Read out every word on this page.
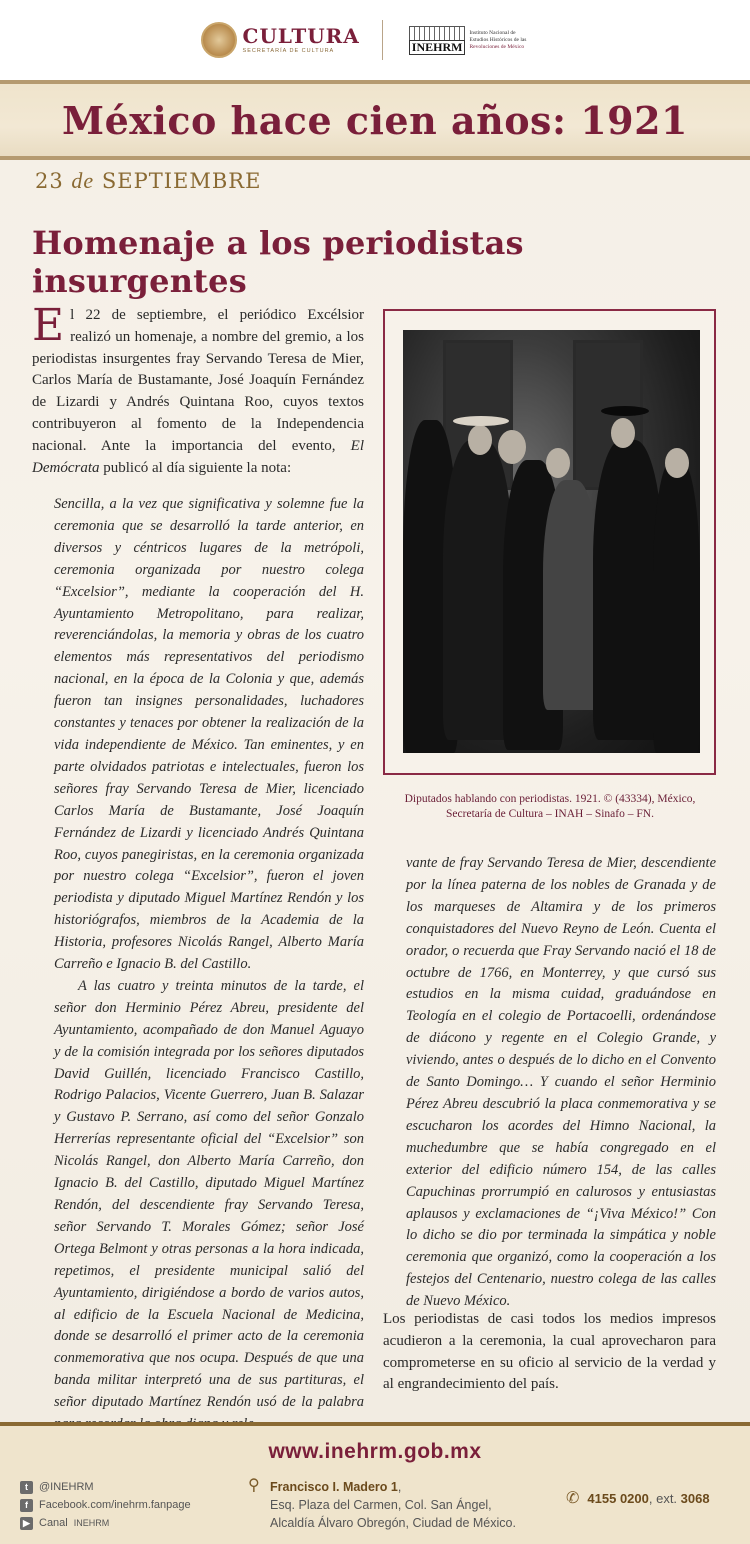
CULTURA
SECRETARÍA DE CULTURA	INEHRM
Instituto Nacional de
Estudios Históricos de las
Revoluciones de México
México hace cien años: 1921
23 de SEPTIEMBRE
Homenaje a los periodistas insurgentes
El 22 de septiembre, el periódico Excélsior realizó un homenaje, a nombre del gremio, a los periodistas insurgentes fray Servando Teresa de Mier, Carlos María de Bustamante, José Joaquín Fernández de Lizardi y Andrés Quintana Roo, cuyos textos contribuyeron al fomento de la Independencia nacional. Ante la importancia del evento, El Demócrata publicó al día siguiente la nota:

Sencilla, a la vez que significativa y solemne fue la ceremonia que se desarrolló la tarde anterior, en diversos y céntricos lugares de la metrópoli, ceremonia organizada por nuestro colega “Excelsior”, mediante la cooperación del H. Ayuntamiento Metropolitano, para realizar, reverenciándolas, la memoria y obras de los cuatro elementos más representativos del periodismo nacional, en la época de la Colonia y que, además fueron tan insignes personalidades, luchadores constantes y tenaces por obtener la realización de la vida independiente de México. Tan eminentes, y en parte olvidados patriotas e intelectuales, fueron los señores fray Servando Teresa de Mier, licenciado Carlos María de Bustamante, José Joaquín Fernández de Lizardi y licenciado Andrés Quintana Roo, cuyos panegiristas, en la ceremonia organizada por nuestro colega “Excelsior”, fueron el joven periodista y diputado Miguel Martínez Rendón y los historiógrafos, miembros de la Academia de la Historia, profesores Nicolás Rangel, Alberto María Carreño e Ignacio B. del Castillo.

A las cuatro y treinta minutos de la tarde, el señor don Herminio Pérez Abreu, presidente del Ayuntamiento, acompañado de don Manuel Aguayo y de la comisión integrada por los señores diputados David Guillén, licenciado Francisco Castillo, Rodrigo Palacios, Vicente Guerrero, Juan B. Salazar y Gustavo P. Serrano, así como del señor Gonzalo Herrerías representante oficial del “Excelsior” son Nicolás Rangel, don Alberto María Carreño, don Ignacio B. del Castillo, diputado Miguel Martínez Rendón, del descendiente fray Servando Teresa, señor Servando T. Morales Gómez; señor José Ortega Belmont y otras personas a la hora indicada, repetimos, el presidente municipal salió del Ayuntamiento, dirigiéndose a bordo de varios autos, al edificio de la Escuela Nacional de Medicina, donde se desarrolló el primer acto de la ceremonia conmemorativa que nos ocupa. Después de que una banda militar interpretó una de sus partituras, el señor diputado Martínez Rendón usó de la palabra

Diputados hablando con periodistas. 1921. © (43334), México,
Secretaría de Cultura – INAH – Sinafo – FN.

vante de fray Servando Teresa de Mier, descendiente por la línea paterna de los nobles de Granada y de los marqueses de Altamira y de los primeros conquistadores del Nuevo Reyno de León. Cuenta el orador, o recuerda que Fray Servando nació el 18 de octubre de 1766, en Monterrey, y que cursó sus estudios en la misma cuidad, graduándose en Teología en el colegio de Portacoelli, ordenándose de diácono y regente en el Colegio Grande, y viviendo, antes o después de lo dicho en el Convento de Santo Domingo… Y cuando el señor Herminio Pérez Abreu descubrió la placa conmemorativa y se escucharon los acordes del Himno Nacional, la muchedumbre que se había congregado en el exterior del edificio número 154, de las calles Capuchinas prorrumpió en calurosos y entusiastas aplausos y exclamaciones de “¡Viva México!” Con lo dicho se dio por terminada la simpática y noble ceremonia que organizó, como la cooperación a los festejos del Centenario, nuestro colega de las calles de Nuevo México.

Los periodistas de casi todos los medios impresos acudieron a la ceremonia, la cual aprovecharon para comprometerse en su oficio al servicio de la verdad y al engrandecimiento del país.

www.inehrm.gob.mx
t	@INEHRM
f	Facebook.com/inehrm.fanpage
▶ Canal INEHRM
⚲ Francisco I. Madero 1,
Esq. Plaza del Carmen, Col. San Ángel,
Alcaldía Álvaro Obregón, Ciudad de México.
✆ 4155 0200, ext. 3068
